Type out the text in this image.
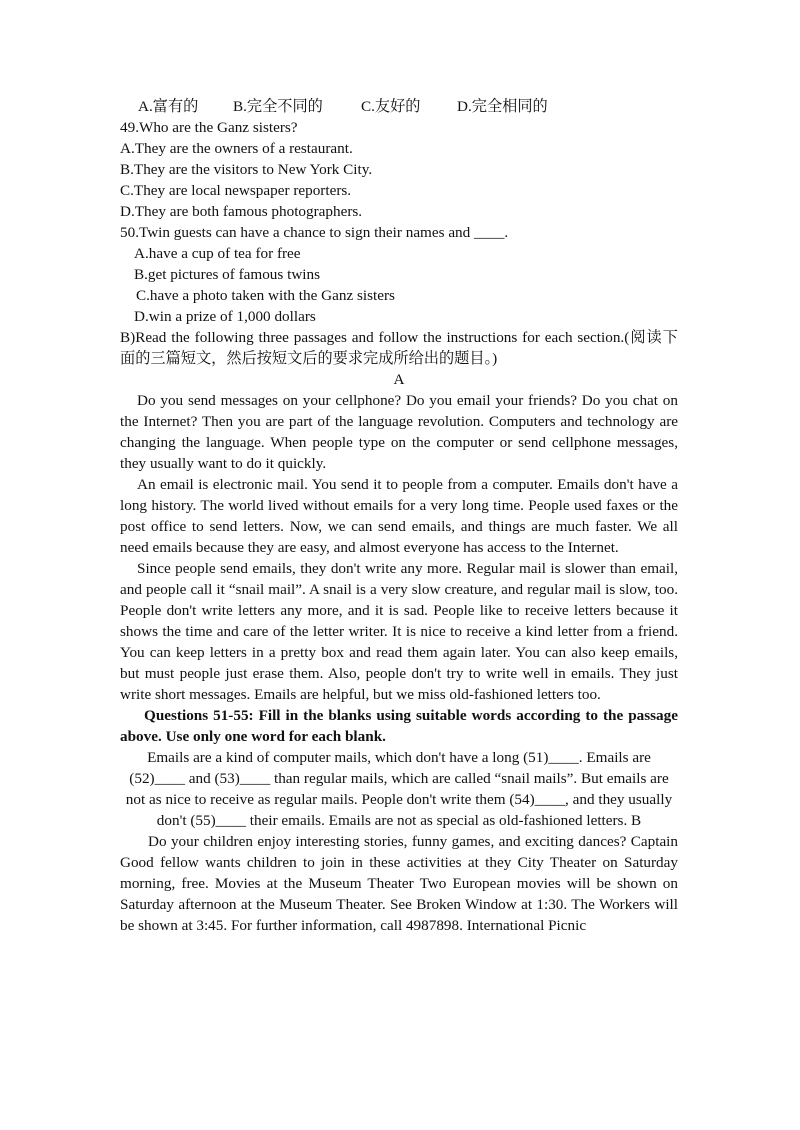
A.富有的 B.完全不同的	C.友好的 D.完全相同的
49.Who are the Ganz sisters?
A.They are the owners of a restaurant.
B.They are the visitors to New York City.
C.They are local newspaper reporters.
D.They are both famous photographers.
50.Twin guests can have a chance to sign their names and ____.
A.have a cup of tea for free
B.get pictures of famous twins
C.have a photo taken with the Ganz sisters
D.win a prize of 1,000 dollars
B)Read the following three passages and follow the instructions for each section.(阅读下面的三篇短文，然后按短文后的要求完成所给出的题目。)
A
Do you send messages on your cellphone? Do you email your friends? Do you chat on the Internet? Then you are part of the language revolution. Computers and technology are changing the language. When people type on the computer or send cellphone messages, they usually want to do it quickly.
An email is electronic mail. You send it to people from a computer. Emails don't have a long history. The world lived without emails for a very long time. People used faxes or the post office to send letters. Now, we can send emails, and things are much faster. We all need emails because they are easy, and almost everyone has access to the Internet.
Since people send emails, they don't write any more. Regular mail is slower than email, and people call it “snail mail”. A snail is a very slow creature, and regular mail is slow, too. People don't write letters any more, and it is sad. People like to receive letters because it shows the time and care of the letter writer. It is nice to receive a kind letter from a friend. You can keep letters in a pretty box and read them again later. You can also keep emails, but must people just erase them. Also, people don't try to write well in emails. They just write short messages. Emails are helpful, but we miss old-fashioned letters too.
Questions 51-55: Fill in the blanks using suitable words according to the passage above. Use only one word for each blank.
Emails are a kind of computer mails, which don't have a long (51)____. Emails are (52)____ and (53)____ than regular mails, which are called “snail mails”. But emails are not as nice to receive as regular mails. People don't write them (54)____, and they usually don't (55)____ their emails. Emails are not as special as old-fashioned letters. B
Do your children enjoy interesting stories, funny games, and exciting dances? Captain Good fellow wants children to join in these activities at they City Theater on Saturday morning, free. Movies at the Museum Theater Two European movies will be shown on Saturday afternoon at the Museum Theater. See Broken Window at 1:30. The Workers will be shown at 3:45. For further information, call 4987898. International Picnic
